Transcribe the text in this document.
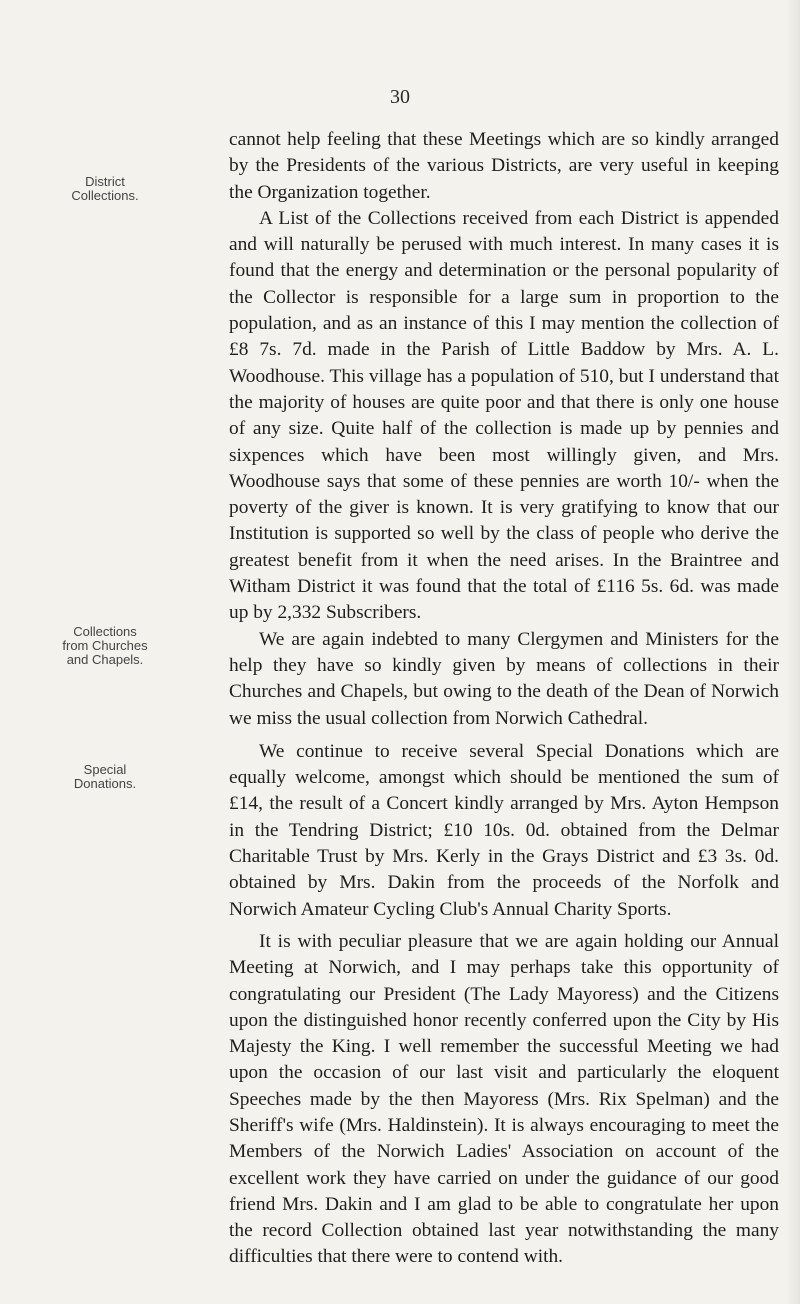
30
District
Collections.
Collections
from Churches
and Chapels.
Special
Donations.

cannot help feeling that these Meetings which are so kindly arranged by the Presidents of the various Districts, are very useful in keeping the Organization together.

A List of the Collections received from each District is appended and will naturally be perused with much interest. In many cases it is found that the energy and determination or the personal popularity of the Collector is responsible for a large sum in proportion to the population, and as an instance of this I may mention the collection of £8 7s. 7d. made in the Parish of Little Baddow by Mrs. A. L. Woodhouse. This village has a population of 510, but I understand that the majority of houses are quite poor and that there is only one house of any size. Quite half of the collection is made up by pennies and sixpences which have been most willingly given, and Mrs. Woodhouse says that some of these pennies are worth 10/- when the poverty of the giver is known. It is very gratifying to know that our Institution is supported so well by the class of people who derive the greatest benefit from it when the need arises. In the Braintree and Witham District it was found that the total of £116 5s. 6d. was made up by 2,332 Subscribers.

We are again indebted to many Clergymen and Ministers for the help they have so kindly given by means of collections in their Churches and Chapels, but owing to the death of the Dean of Norwich we miss the usual collection from Norwich Cathedral.

We continue to receive several Special Donations which are equally welcome, amongst which should be mentioned the sum of £14, the result of a Concert kindly arranged by Mrs. Ayton Hempson in the Tendring District; £10 10s. 0d. obtained from the Delmar Charitable Trust by Mrs. Kerly in the Grays District and £3 3s. 0d. obtained by Mrs. Dakin from the proceeds of the Norfolk and Norwich Amateur Cycling Club's Annual Charity Sports.

It is with peculiar pleasure that we are again holding our Annual Meeting at Norwich, and I may perhaps take this opportunity of congratulating our President (The Lady Mayoress) and the Citizens upon the distinguished honor recently conferred upon the City by His Majesty the King. I well remember the successful Meeting we had upon the occasion of our last visit and particularly the eloquent Speeches made by the then Mayoress (Mrs. Rix Spelman) and the Sheriff's wife (Mrs. Haldinstein). It is always encouraging to meet the Members of the Norwich Ladies' Association on account of the excellent work they have carried on under the guidance of our good friend Mrs. Dakin and I am glad to be able to congratulate her upon the record Collection obtained last year notwithstanding the many difficulties that there were to contend with.
